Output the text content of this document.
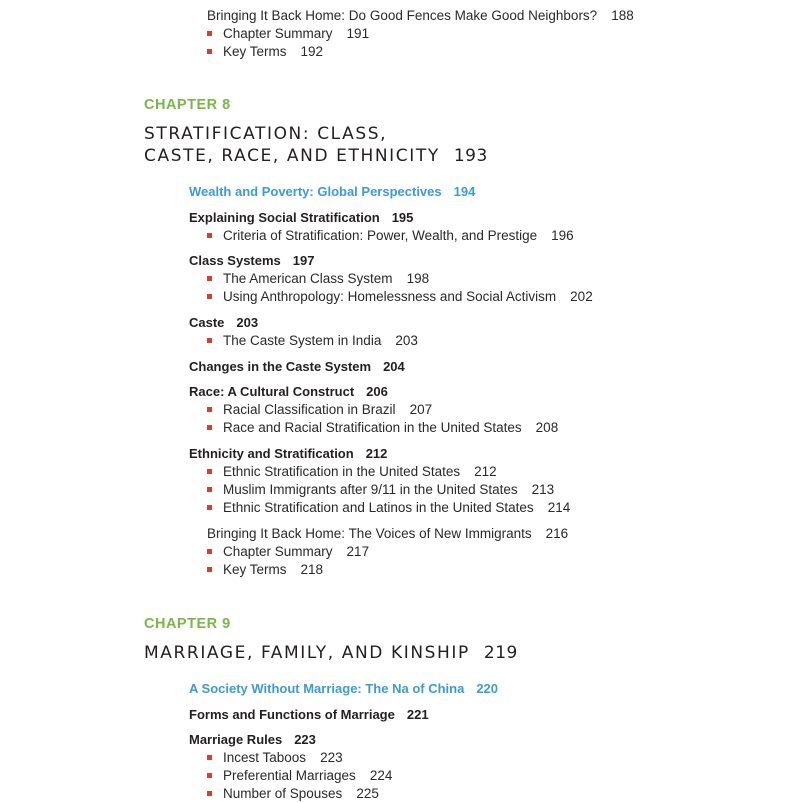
Bringing It Back Home: Do Good Fences Make Good Neighbors? 188
Chapter Summary 191
Key Terms 192
CHAPTER 8
STRATIFICATION: CLASS,
CASTE, RACE, AND ETHNICITY 193
Wealth and Poverty: Global Perspectives 194
Explaining Social Stratification 195
Criteria of Stratification: Power, Wealth, and Prestige 196
Class Systems 197
The American Class System 198
Using Anthropology: Homelessness and Social Activism 202
Caste 203
The Caste System in India 203
Changes in the Caste System 204
Race: A Cultural Construct 206
Racial Classification in Brazil 207
Race and Racial Stratification in the United States 208
Ethnicity and Stratification 212
Ethnic Stratification in the United States 212
Muslim Immigrants after 9/11 in the United States 213
Ethnic Stratification and Latinos in the United States 214
Bringing It Back Home: The Voices of New Immigrants 216
Chapter Summary 217
Key Terms 218
CHAPTER 9
MARRIAGE, FAMILY, AND KINSHIP 219
A Society Without Marriage: The Na of China 220
Forms and Functions of Marriage 221
Marriage Rules 223
Incest Taboos 223
Preferential Marriages 224
Number of Spouses 225
